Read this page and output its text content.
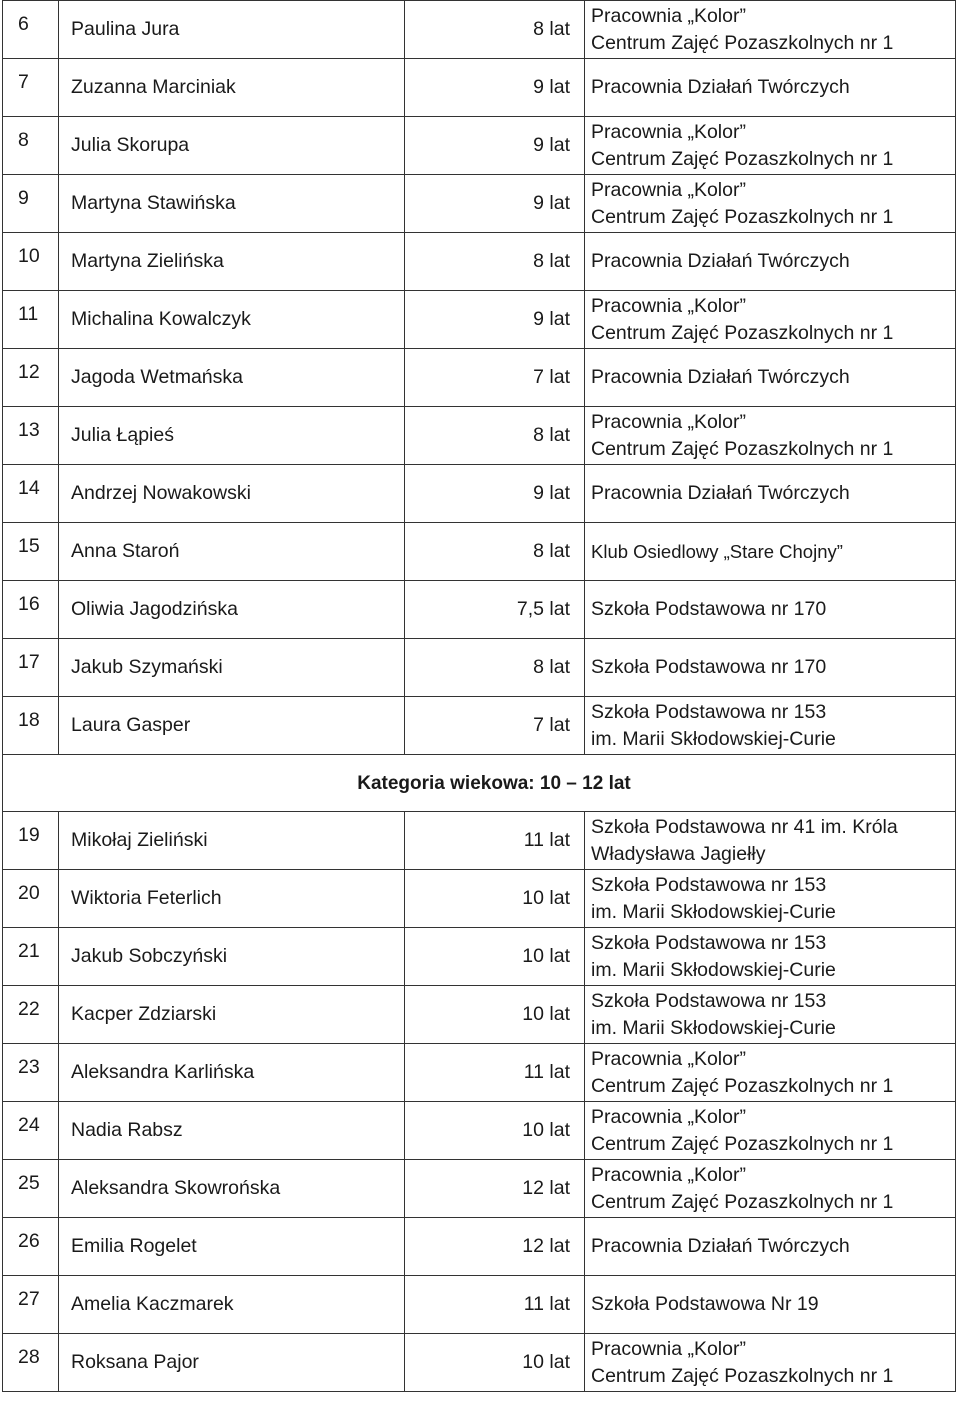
6	Paulina Jura	8 lat	Pracownia „Kolor”
Centrum Zajęć Pozaszkolnych nr 1

7	Zuzanna Marciniak	9 lat	Pracownia Działań Twórczych

8	Julia Skorupa	9 lat	Pracownia „Kolor”
Centrum Zajęć Pozaszkolnych nr 1

9	Martyna Stawińska	9 lat	Pracownia „Kolor”
Centrum Zajęć Pozaszkolnych nr 1

10	Martyna Zielińska	8 lat	Pracownia Działań Twórczych

11	Michalina Kowalczyk	9 lat	Pracownia „Kolor”
Centrum Zajęć Pozaszkolnych nr 1

12	Jagoda Wetmańska	7 lat	Pracownia Działań Twórczych

13	Julia Łąpieś	8 lat	Pracownia „Kolor”
Centrum Zajęć Pozaszkolnych nr 1

14	Andrzej Nowakowski	9 lat	Pracownia Działań Twórczych

15	Anna Staroń	8 lat	Klub Osiedlowy „Stare Chojny”

16	Oliwia Jagodzińska	7,5 lat	Szkoła Podstawowa nr 170

17	Jakub Szymański	8 lat	Szkoła Podstawowa nr 170

18	Laura Gasper	7 lat	Szkoła Podstawowa nr 153
im. Marii Skłodowskiej-Curie

Kategoria wiekowa: 10 – 12 lat			
19	Mikołaj Zieliński	11 lat	Szkoła Podstawowa nr 41 im. Króla
Władysława Jagiełły

20	Wiktoria Feterlich	10 lat	Szkoła Podstawowa nr 153
im. Marii Skłodowskiej-Curie

21	Jakub Sobczyński	10 lat	Szkoła Podstawowa nr 153
im. Marii Skłodowskiej-Curie

22	Kacper Zdziarski	10 lat	Szkoła Podstawowa nr 153
im. Marii Skłodowskiej-Curie

23	Aleksandra Karlińska	11 lat	Pracownia „Kolor”
Centrum Zajęć Pozaszkolnych nr 1

24	Nadia Rabsz	10 lat	Pracownia „Kolor”
Centrum Zajęć Pozaszkolnych nr 1

25	Aleksandra Skowrońska	12 lat	Pracownia „Kolor”
Centrum Zajęć Pozaszkolnych nr 1

26	Emilia Rogelet	12 lat	Pracownia Działań Twórczych

27	Amelia Kaczmarek	11 lat	Szkoła Podstawowa Nr 19

28	Roksana Pajor	10 lat	Pracownia „Kolor”
Centrum Zajęć Pozaszkolnych nr 1
